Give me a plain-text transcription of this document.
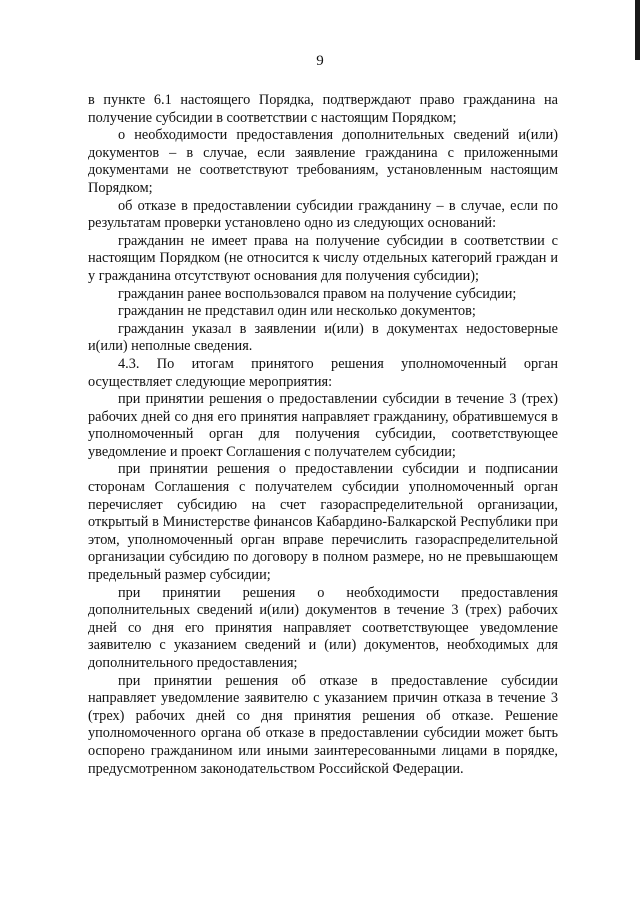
9

в пункте 6.1 настоящего Порядка, подтверждают право гражданина на получение субсидии в соответствии с настоящим Порядком;

о необходимости предоставления дополнительных сведений и(или) документов – в случае, если заявление гражданина с приложенными документами не соответствуют требованиям, установленным настоящим Порядком;

об отказе в предоставлении субсидии гражданину – в случае, если по результатам проверки установлено одно из следующих оснований:

гражданин не имеет права на получение субсидии в соответствии с настоящим Порядком (не относится к числу отдельных категорий граждан и у гражданина отсутствуют основания для получения субсидии);

гражданин ранее воспользовался правом на получение субсидии;

гражданин не представил один или несколько документов;

гражданин указал в заявлении и(или) в документах недостоверные и(или) неполные сведения.

4.3. По итогам принятого решения уполномоченный орган осуществляет следующие мероприятия:

при принятии решения о предоставлении субсидии в течение 3 (трех) рабочих дней со дня его принятия направляет гражданину, обратившемуся в уполномоченный орган для получения субсидии, соответствующее уведомление и проект Соглашения с получателем субсидии;

при принятии решения о предоставлении субсидии и подписании сторонам Соглашения с получателем субсидии уполномоченный орган перечисляет субсидию на счет газораспределительной организации, открытый в Министерстве финансов Кабардино-Балкарской Республики при этом, уполномоченный орган вправе перечислить газораспределительной организации субсидию по договору в полном размере, но не превышающем предельный размер субсидии;

при принятии решения о необходимости предоставления дополнительных сведений и(или) документов в течение 3 (трех) рабочих дней со дня его принятия направляет соответствующее уведомление заявителю с указанием сведений и (или) документов, необходимых для дополнительного предоставления;

при принятии решения об отказе в предоставление субсидии направляет уведомление заявителю с указанием причин отказа в течение 3 (трех) рабочих дней со дня принятия решения об отказе. Решение уполномоченного органа об отказе в предоставлении субсидии может быть оспорено гражданином или иными заинтересованными лицами в порядке, предусмотренном законодательством Российской Федерации.
